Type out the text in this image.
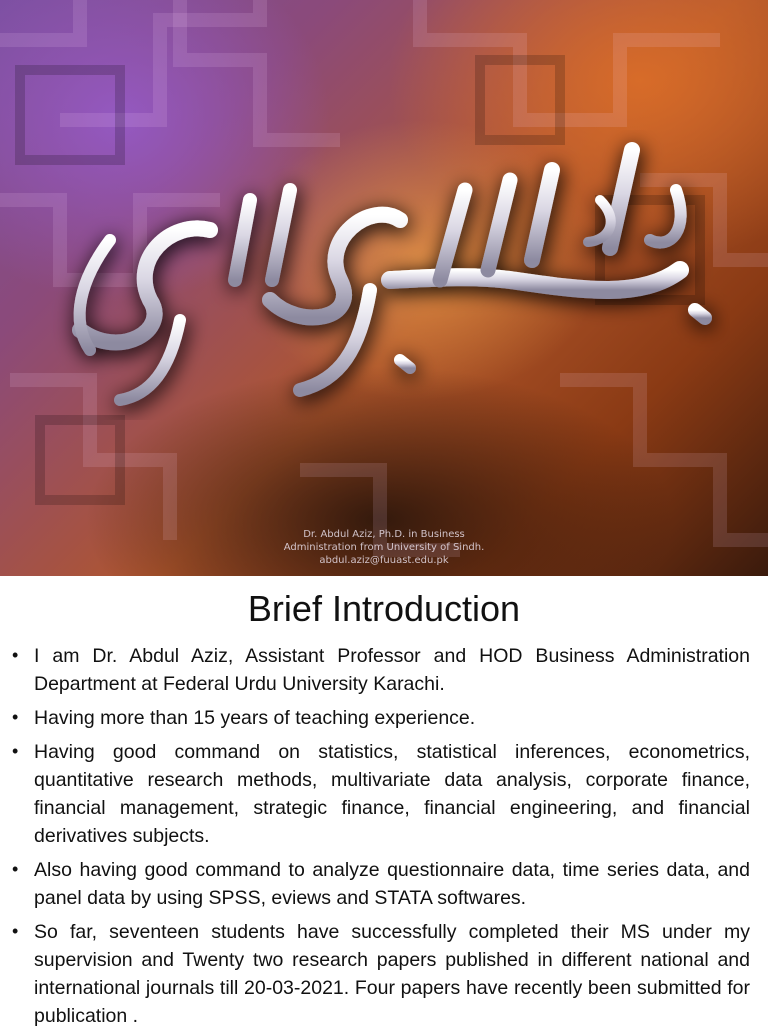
Dr. Abdul Aziz, Ph.D. in Business
Administration from University of Sindh.
abdul.aziz@fuuast.edu.pk
Brief Introduction
• I am Dr. Abdul Aziz, Assistant Professor and HOD Business Administration Department at Federal Urdu University Karachi.
• Having more than 15 years of teaching experience.
• Having good command on statistics, statistical inferences, econometrics, quantitative research methods, multivariate data analysis, corporate finance, financial management, strategic finance, financial engineering, and financial derivatives subjects.
• Also having good command to analyze questionnaire data, time series data, and panel data by using SPSS, eviews and STATA softwares.
• So far, seventeen students have successfully completed their MS under my supervision and Twenty two research papers published in different national and international journals till 20-03-2021. Four papers have recently been submitted for publication .
